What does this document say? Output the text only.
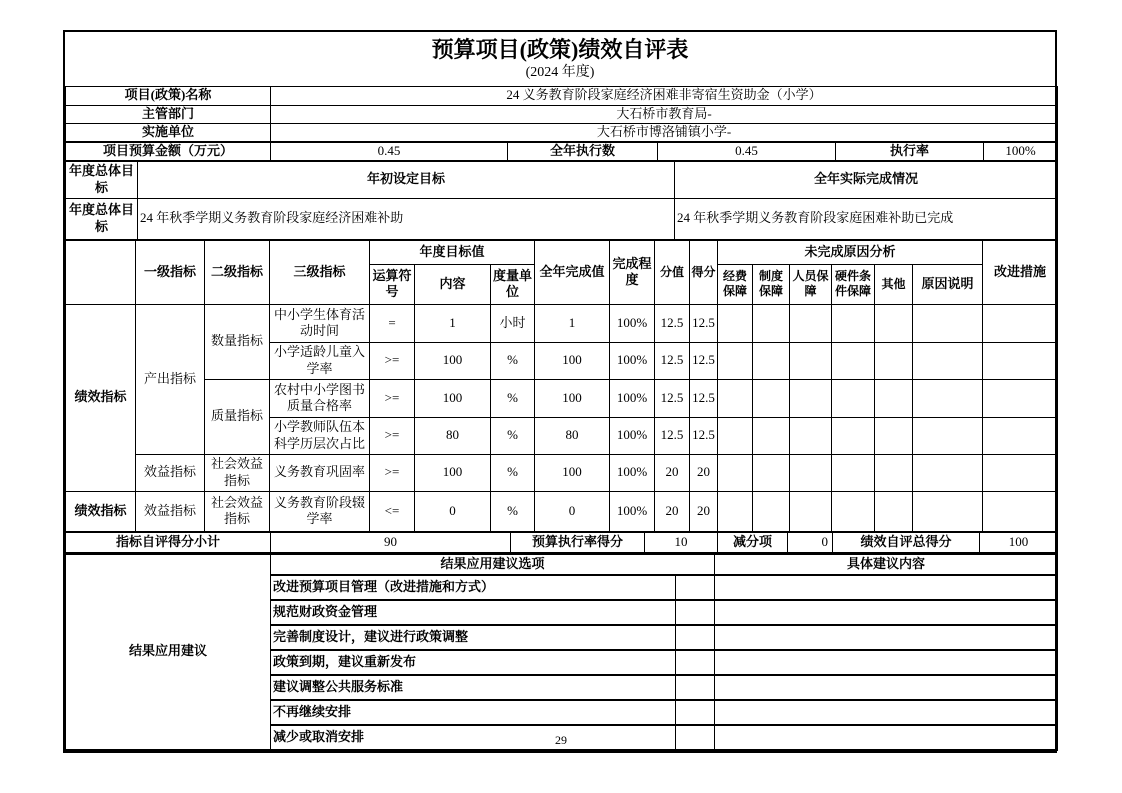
预算项目(政策)绩效自评表
(2024 年度)
项目(政策)名称	24 义务教育阶段家庭经济困难非寄宿生资助金（小学）
主管部门	大石桥市教育局-
实施单位	大石桥市博洛铺镇小学-
项目预算金额（万元）	0.45	全年执行数	0.45	执行率	100%
年度总体目标	年初设定目标	全年实际完成情况
年度总体目标	24 年秋季学期义务教育阶段家庭经济困难补助	24 年秋季学期义务教育阶段家庭困难补助已完成
	一级指标	二级指标	三级指标	年度目标值			全年完成值	完成程度	分值	得分	未完成原因分析						改进措施
				运算符号	内容	度量单位					经费保障	制度保障	人员保障	硬件条件保障	其他	原因说明	
绩效指标	产出指标	数量指标	中小学生体育活动时间	=	1	小时	1	100%	12.5	12.5							
			小学适龄儿童入学率	>=	100	%	100	100%	12.5	12.5							
		质量指标	农村中小学图书质量合格率	>=	100	%	100	100%	12.5	12.5							
			小学教师队伍本科学历层次占比	>=	80	%	80	100%	12.5	12.5							
	效益指标	社会效益指标	义务教育巩固率	>=	100	%	100	100%	20	20							
绩效指标	效益指标	社会效益指标	义务教育阶段辍学率	<=	0	%	0	100%	20	20							
指标自评得分小计	90	预算执行率得分	10	减分项	0	绩效自评总得分	100
结果应用建议	结果应用建议选项		具体建议内容
	改进预算项目管理（改进措施和方式）		
	规范财政资金管理		
	完善制度设计，建议进行政策调整		
	政策到期，建议重新发布		
	建议调整公共服务标准		
	不再继续安排		
	减少或取消安排			29
